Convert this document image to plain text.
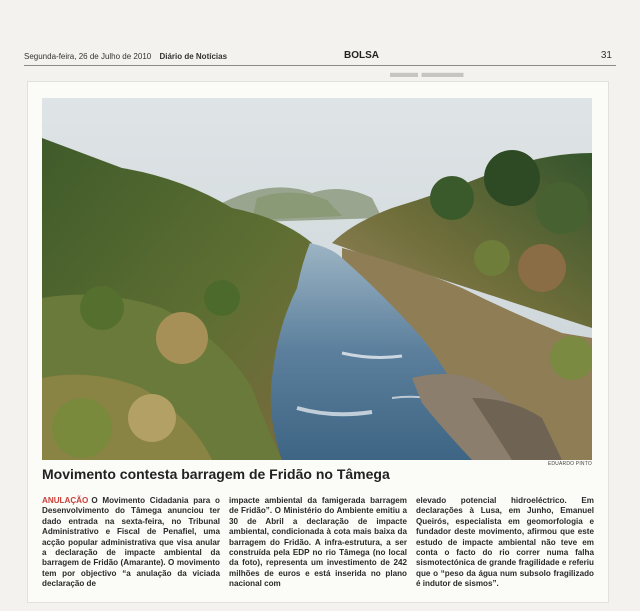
Segunda-feira, 26 de Julho de 2010 Diário de Notícias	BOLSA	31
▬▬ ▬▬▬
EDUARDO PINTO
Movimento contesta barragem de Fridão no Tâmega
ANULAÇÃO O Movimento Cidadania para o Desenvolvimento do Tâmega anunciou ter dado entrada na sexta-feira, no Tribunal Administrativo e Fiscal de Penafiel, uma acção popular administrativa que visa anular a declaração de impacte ambiental da barragem de Fridão (Amarante). O movimento tem por objectivo “a anulação da viciada declaração de
impacte ambiental da famigerada barragem de Fridão”. O Ministério do Ambiente emitiu a 30 de Abril a declaração de impacte ambiental, condicionada à cota mais baixa da barragem do Fridão. A infra-estrutura, a ser construída pela EDP no rio Tâmega (no local da foto), representa um investimento de 242 milhões de euros e está inserida no plano nacional com
elevado potencial hidroeléctrico. Em declarações à Lusa, em Junho, Emanuel Queirós, especialista em geomorfologia e fundador deste movimento, afirmou que este estudo de impacte ambiental não teve em conta o facto do rio correr numa falha sismotectónica de grande fragilidade e referiu que o “peso da água num subsolo fragilizado é indutor de sismos”.
